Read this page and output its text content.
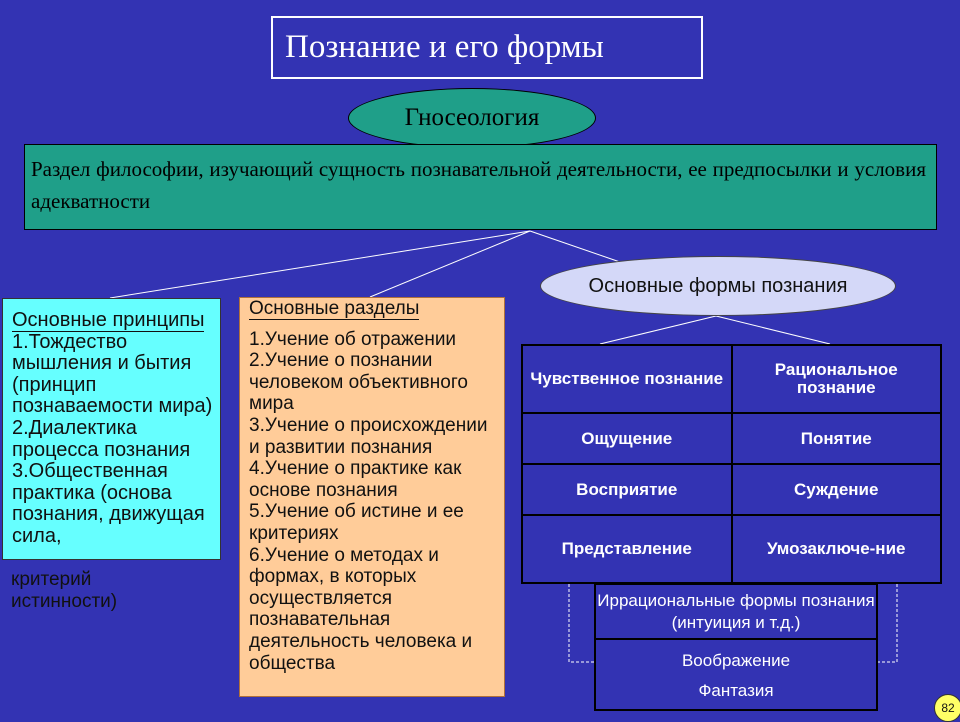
Познание и его формы
Гносеология
Раздел философии, изучающий сущность познавательной деятельности, ее предпосылки и условия адекватности
Основные формы познания
Основные принципы
1.Тождество мышления и бытия (принцип познаваемости мира) 2.Диалектика процесса познания 3.Общественная практика (основа познания, движущая сила,
критерий истинности)
Основные разделы
1.Учение об отражении
2.Учение о познании человеком объективного мира
3.Учение о происхождении и развитии познания
4.Учение о практике как основе познания
5.Учение об истине и ее критериях
6.Учение о методах и формах, в которых осуществляется познавательная деятельность человека и общества
Чувственное познание	Рациональное познание
Ощущение	Понятие
Восприятие	Суждение
Представление	Умозаключе-ние
Иррациональные формы познания (интуиция и т.д.)
Воображение
Фантазия
82
